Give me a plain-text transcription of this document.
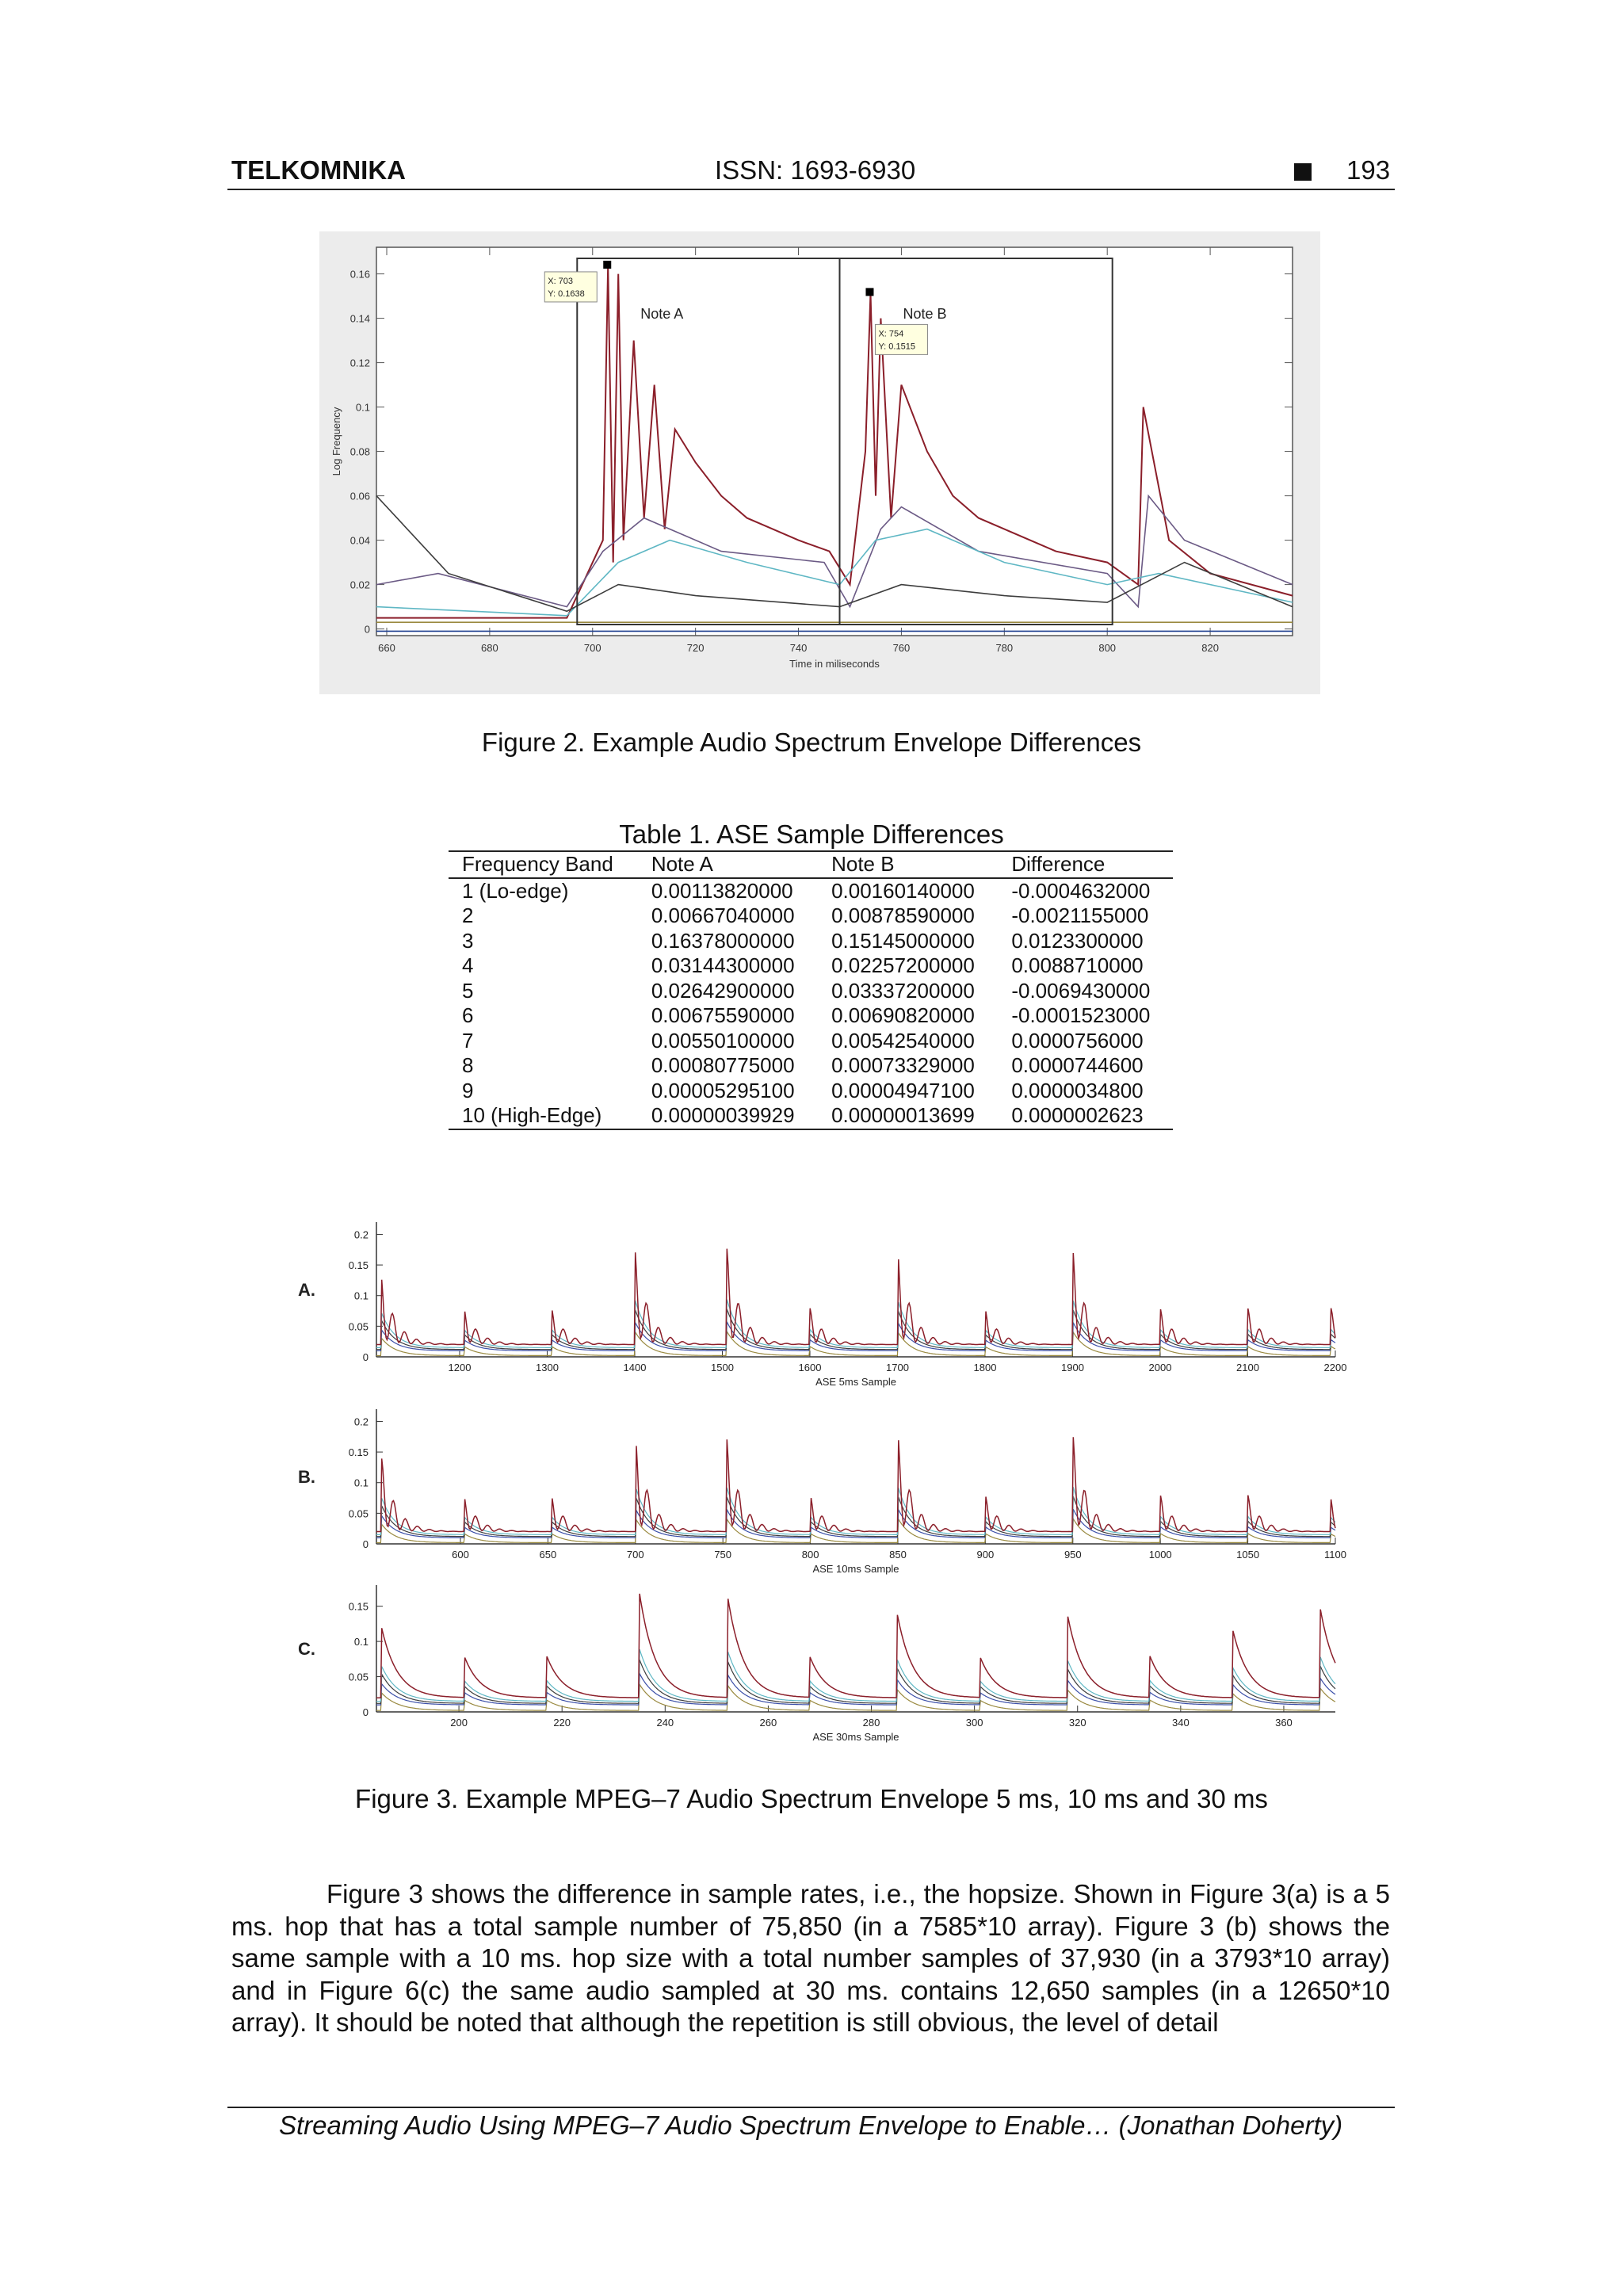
TELKOMNIKA	ISSN: 1693-6930	193
0
0.02
0.04
0.06
0.08
0.1
0.12
0.14
0.16
660	680	700	720	740	760	780	800	820
Time in miliseconds
Log Frequency
Note A	Note B
X: 703
Y: 0.1638
X: 754
Y: 0.1515
Figure 2. Example Audio Spectrum Envelope Differences
Table 1. ASE Sample Differences
Frequency Band	Note A	Note B	Difference
1 (Lo-edge)	0.00113820000	0.00160140000	-0.0004632000
2	0.00667040000	0.00878590000	-0.0021155000
3	0.16378000000	0.15145000000	0.0123300000
4	0.03144300000	0.02257200000	0.0088710000
5	0.02642900000	0.03337200000	-0.0069430000
6	0.00675590000	0.00690820000	-0.0001523000
7	0.00550100000	0.00542540000	0.0000756000
8	0.00080775000	0.00073329000	0.0000744600
9	0.00005295100	0.00004947100	0.0000034800
10 (High-Edge)	0.00000039929	0.00000013699	0.0000002623
A.
0
0.05
0.1
0.15
0.2
1200	1300	1400	1500	1600	1700	1800	1900	2000	2100	2200
ASE 5ms Sample
B.
0
0.05
0.1
0.15
0.2
600	650	700	750	800	850	900	950	1000	1050	1100
ASE 10ms Sample
C.
0
0.05
0.1
0.15
200	220	240	260	280	300	320	340	360
ASE 30ms Sample
Figure 3. Example MPEG–7 Audio Spectrum Envelope 5 ms, 10 ms and 30 ms
Figure 3 shows the difference in sample rates, i.e., the hopsize. Shown in Figure 3(a) is a 5 ms. hop that has a total sample number of 75,850 (in a 7585*10 array). Figure 3 (b) shows the same sample with a 10 ms. hop size with a total number samples of 37,930 (in a 3793*10 array) and in Figure 6(c) the same audio sampled at 30 ms. contains 12,650 samples (in a 12650*10 array). It should be noted that although the repetition is still obvious, the level of detail
Streaming Audio Using MPEG–7 Audio Spectrum Envelope to Enable… (Jonathan Doherty)
